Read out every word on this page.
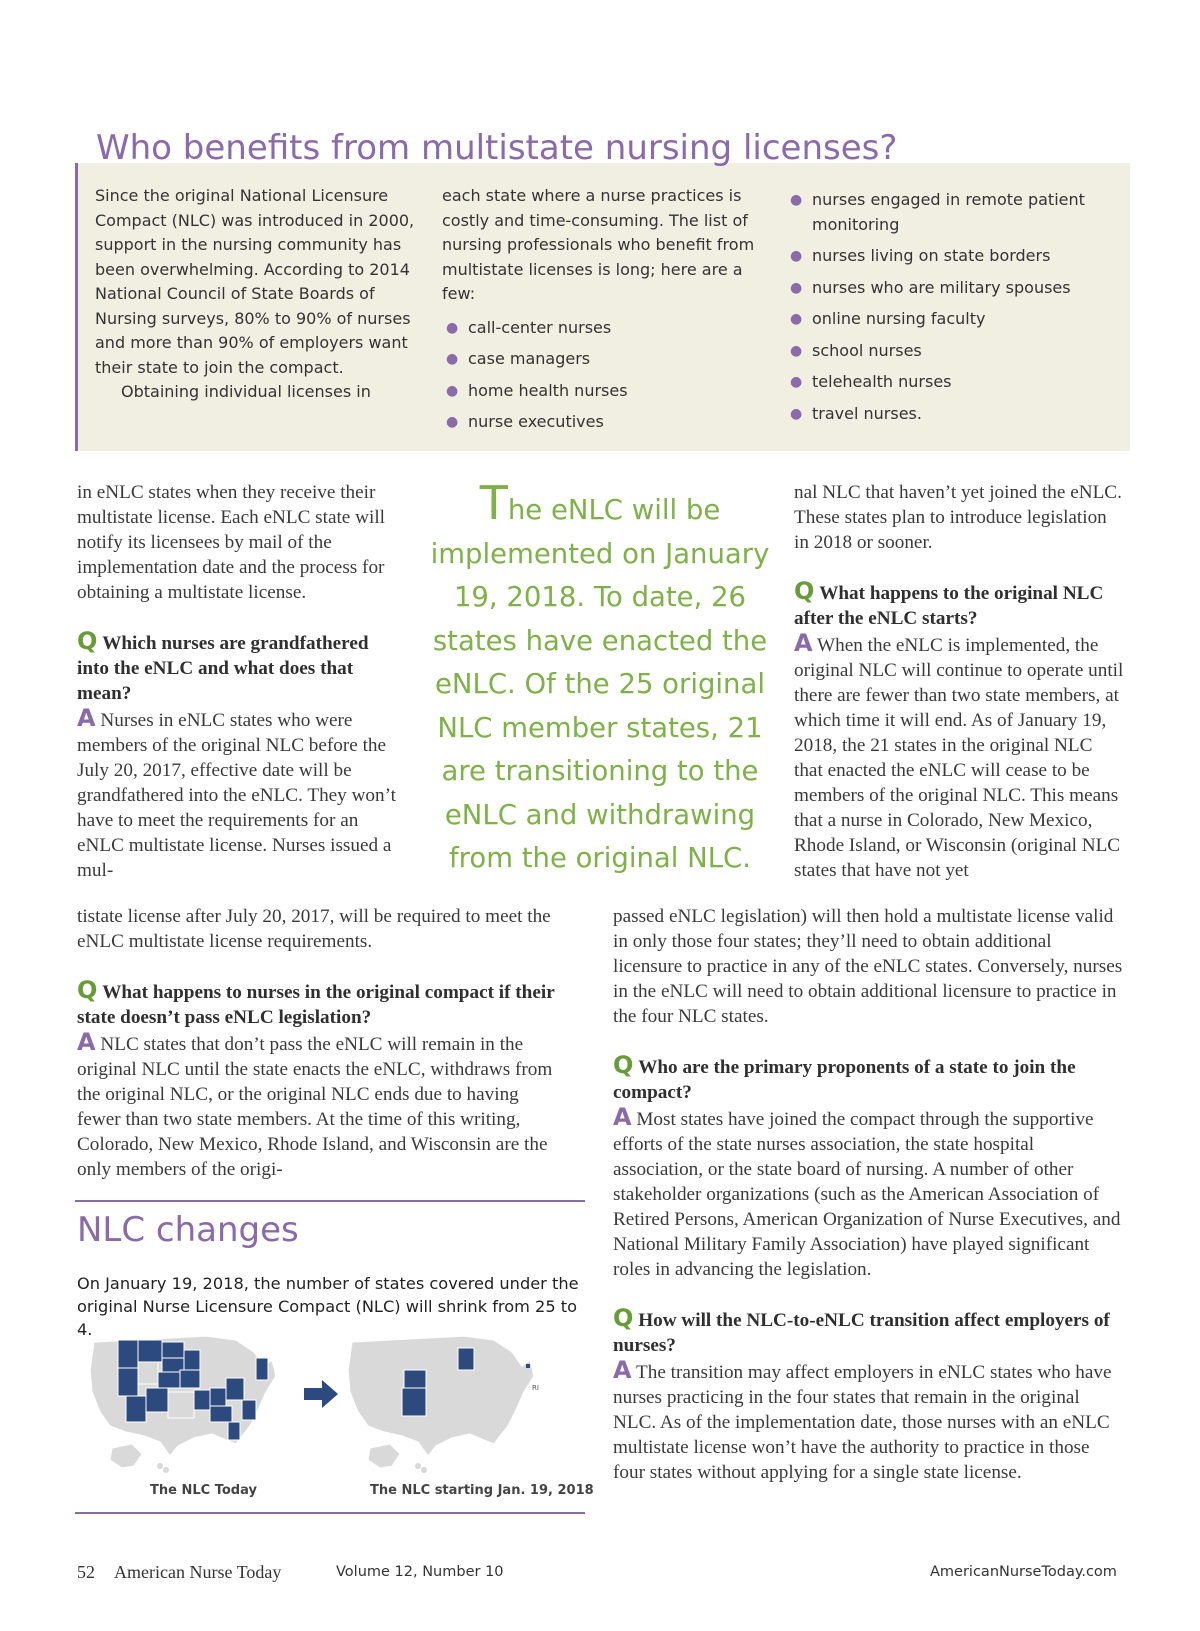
Who benefits from multistate nursing licenses?

Since the original National Licensure Compact (NLC) was introduced in 2000, support in the nursing community has been overwhelming. According to 2014 National Council of State Boards of Nursing surveys, 80% to 90% of nurses and more than 90% of employers want their state to join the compact.

Obtaining individual licenses in

each state where a nurse practices is costly and time-consuming. The list of nursing professionals who benefit from multistate licenses is long; here are a few:

● call-center nurses
● case managers
● home health nurses
● nurse executives
● nurses engaged in remote patient monitoring
● nurses living on state borders
● nurses who are military spouses
● online nursing faculty
● school nurses
● telehealth nurses
● travel nurses.

in eNLC states when they receive their multistate license. Each eNLC state will notify its licensees by mail of the implementation date and the process for obtaining a multistate license.

Q Which nurses are grandfathered into the eNLC and what does that mean?

A Nurses in eNLC states who were members of the original NLC before the July 20, 2017, effective date will be grandfathered into the eNLC. They won’t have to meet the requirements for an eNLC multistate license. Nurses issued a mul-

tistate license after July 20, 2017, will be required to meet the eNLC multistate license requirements.

Q What happens to nurses in the original compact if their state doesn’t pass eNLC legislation?

A NLC states that don’t pass the eNLC will remain in the original NLC until the state enacts the eNLC, withdraws from the original NLC, or the original NLC ends due to having fewer than two state members. At the time of this writing, Colorado, New Mexico, Rhode Island, and Wisconsin are the only members of the origi-

The eNLC will be implemented on January 19, 2018. To date, 26 states have enacted the eNLC. Of the 25 original NLC member states, 21 are transitioning to the eNLC and withdrawing from the original NLC.

nal NLC that haven’t yet joined the eNLC. These states plan to introduce legislation in 2018 or sooner.

Q What happens to the original NLC after the eNLC starts?

A When the eNLC is implemented, the original NLC will continue to operate until there are fewer than two state members, at which time it will end. As of January 19, 2018, the 21 states in the original NLC that enacted the eNLC will cease to be members of the original NLC. This means that a nurse in Colorado, New Mexico, Rhode Island, or Wisconsin (original NLC states that have not yet

passed eNLC legislation) will then hold a multistate license valid in only those four states; they’ll need to obtain additional licensure to practice in any of the eNLC states. Conversely, nurses in the eNLC will need to obtain additional licensure to practice in the four NLC states.

Q Who are the primary proponents of a state to join the compact?

A Most states have joined the compact through the supportive efforts of the state nurses association, the state hospital association, or the state board of nursing. A number of other stakeholder organizations (such as the American Association of Retired Persons, American Organization of Nurse Executives, and National Military Family Association) have played significant roles in advancing the legislation.

Q How will the NLC-to-eNLC transition affect employers of nurses?

A The transition may affect employers in eNLC states who have nurses practicing in the four states that remain in the original NLC. As of the implementation date, those nurses with an eNLC multistate license won’t have the authority to practice in those four states without applying for a single state license.

NLC changes
On January 19, 2018, the number of states covered under the original Nurse Licensure Compact (NLC) will shrink from 25 to 4.
RI
The NLC Today	The NLC starting Jan. 19, 2018
52 American Nurse Today	Volume 12, Number 10	AmericanNurseToday.com
